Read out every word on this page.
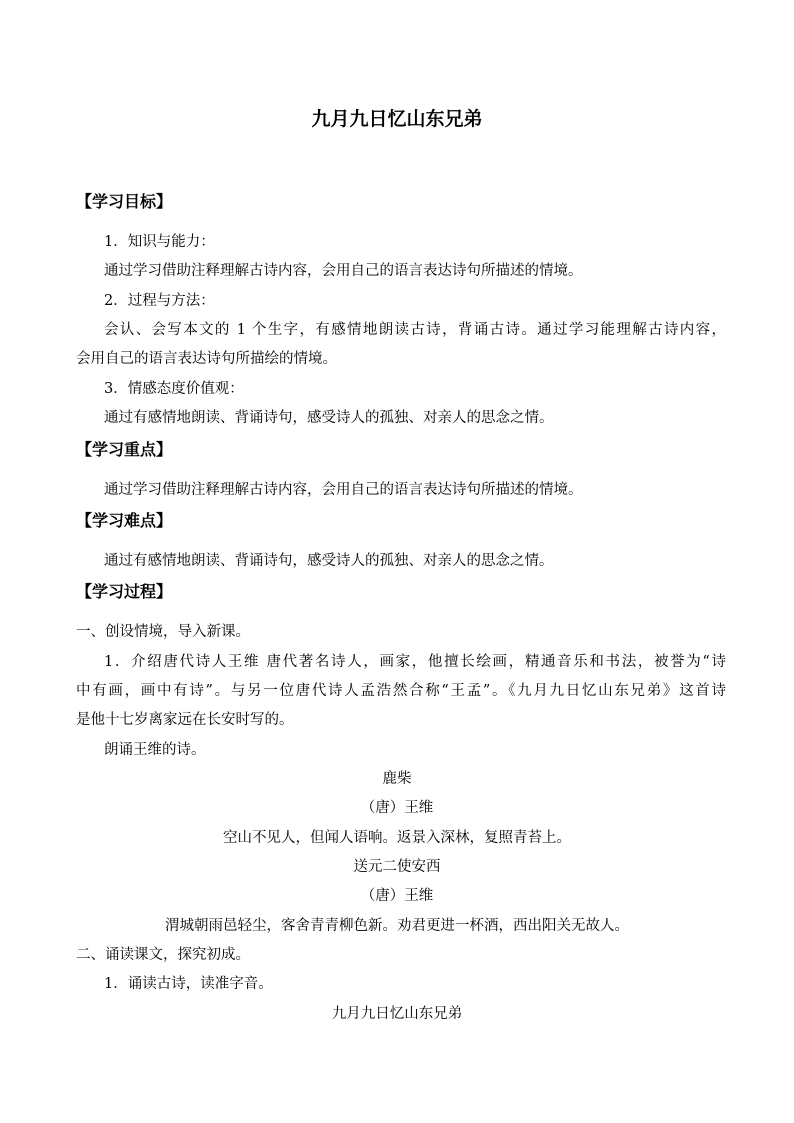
九月九日忆山东兄弟
【学习目标】
1．知识与能力：
通过学习借助注释理解古诗内容，会用自己的语言表达诗句所描述的情境。
2．过程与方法：
会认、会写本文的 1 个生字，有感情地朗读古诗，背诵古诗。通过学习能理解古诗内容，
会用自己的语言表达诗句所描绘的情境。
3．情感态度价值观：
通过有感情地朗读、背诵诗句，感受诗人的孤独、对亲人的思念之情。
【学习重点】
通过学习借助注释理解古诗内容，会用自己的语言表达诗句所描述的情境。
【学习难点】
通过有感情地朗读、背诵诗句，感受诗人的孤独、对亲人的思念之情。
【学习过程】
一、创设情境，导入新课。
1．介绍唐代诗人王维 唐代著名诗人，画家，他擅长绘画，精通音乐和书法，被誉为“诗
中有画，画中有诗”。与另一位唐代诗人孟浩然合称“王孟”。《九月九日忆山东兄弟》这首诗
是他十七岁离家远在长安时写的。
朗诵王维的诗。
鹿柴
（唐）王维
空山不见人，但闻人语响。返景入深林，复照青苔上。
送元二使安西
（唐）王维
渭城朝雨邑轻尘，客舍青青柳色新。劝君更进一杯酒，西出阳关无故人。
二、诵读课文，探究初成。
1．诵读古诗，读准字音。
九月九日忆山东兄弟
